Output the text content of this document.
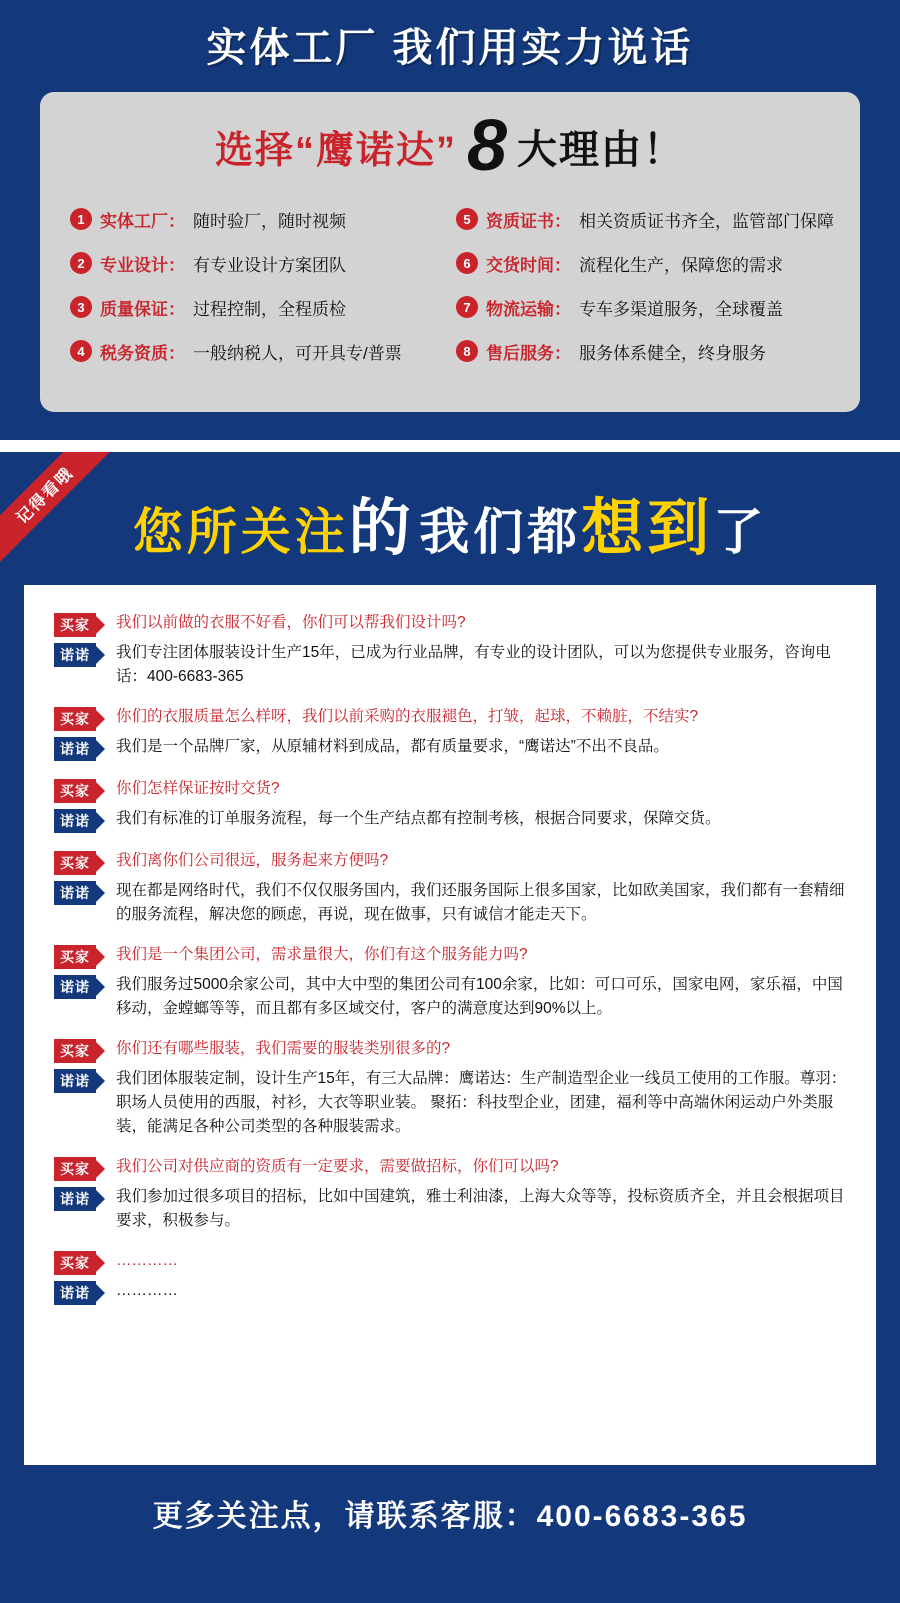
实体工厂 我们用实力说话
选择“鹰诺达” 8 大理由！
1 实体工厂： 随时验厂，随时视频	5 资质证书： 相关资质证书齐全，监管部门保障
2 专业设计： 有专业设计方案团队	6 交货时间： 流程化生产，保障您的需求
3 质量保证： 过程控制，全程质检	7 物流运输： 专车多渠道服务，全球覆盖
4 税务资质： 一般纳税人，可开具专/普票	8 售后服务： 服务体系健全，终身服务
记得看哦
您所关注的 我们都想到了
买家	我们以前做的衣服不好看，你们可以帮我们设计吗?
诺诺	我们专注团体服装设计生产15年，已成为行业品牌，有专业的设计团队，可以为您提供专业服务，咨询电话：400-6683-365
买家	你们的衣服质量怎么样呀，我们以前采购的衣服褪色，打皱，起球，不赖脏，不结实?
诺诺	我们是一个品牌厂家，从原辅材料到成品，都有质量要求，“鹰诺达”不出不良品。
买家	你们怎样保证按时交货?
诺诺	我们有标准的订单服务流程，每一个生产结点都有控制考核，根据合同要求，保障交货。
买家	我们离你们公司很远，服务起来方便吗?
诺诺	现在都是网络时代，我们不仅仅服务国内，我们还服务国际上很多国家，比如欧美国家，我们都有一套精细的服务流程，解决您的顾虑，再说，现在做事，只有诚信才能走天下。
买家	我们是一个集团公司，需求量很大，你们有这个服务能力吗?
诺诺	我们服务过5000余家公司，其中大中型的集团公司有100余家，比如：可口可乐，国家电网，家乐福，中国移动，金螳螂等等，而且都有多区域交付，客户的满意度达到90%以上。
买家	你们还有哪些服装，我们需要的服装类别很多的?
诺诺	我们团体服装定制，设计生产15年，有三大品牌：鹰诺达：生产制造型企业一线员工使用的工作服。尊羽：职场人员使用的西服，衬衫，大衣等职业装。 聚拓：科技型企业，团建，福利等中高端休闲运动户外类服装，能满足各种公司类型的各种服装需求。
买家	我们公司对供应商的资质有一定要求，需要做招标，你们可以吗?
诺诺	我们参加过很多项目的招标，比如中国建筑，雅士利油漆，上海大众等等，投标资质齐全，并且会根据项目要求，积极参与。
买家	…………
诺诺	…………
更多关注点，请联系客服：400-6683-365
